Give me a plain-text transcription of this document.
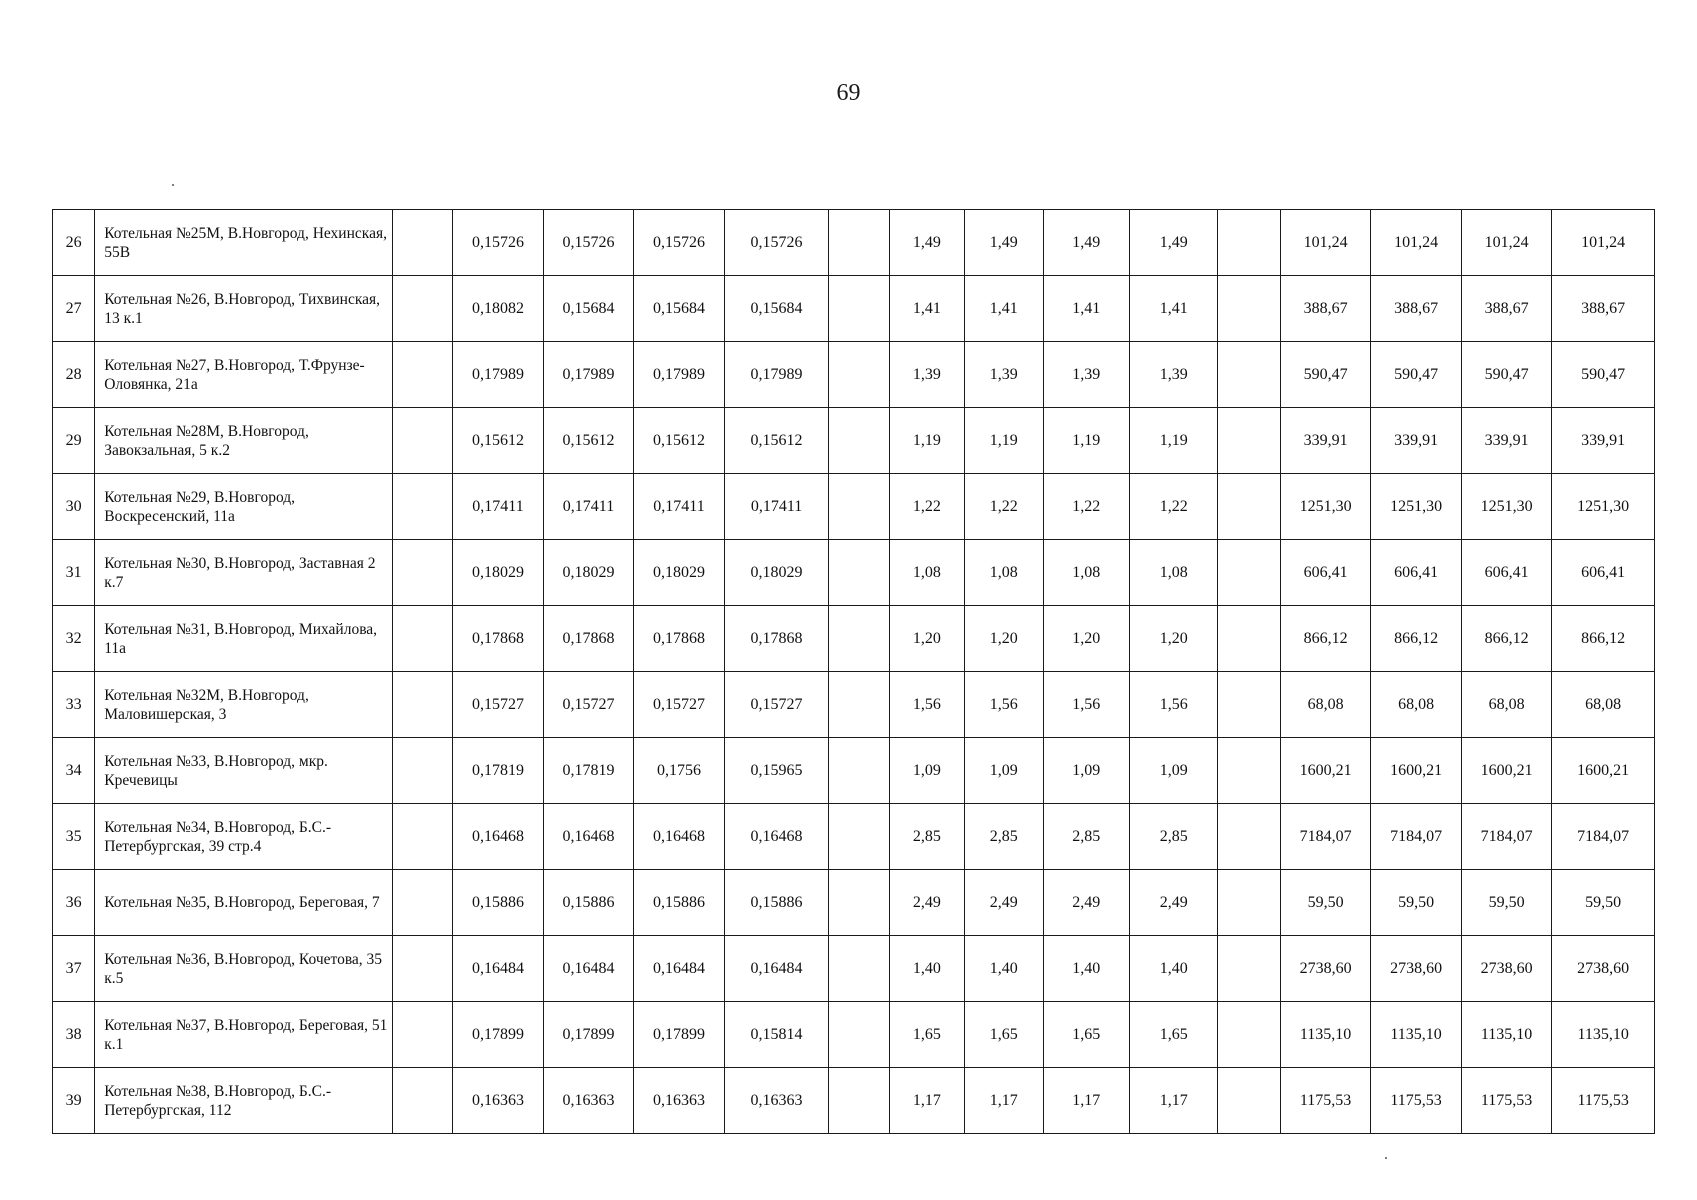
69
26	Котельная №25М, В.Новгород, Нехинская, 55В		0,15726	0,15726	0,15726	0,15726		1,49	1,49	1,49	1,49		101,24	101,24	101,24	101,24
27	Котельная №26, В.Новгород, Тихвинская, 13 к.1		0,18082	0,15684	0,15684	0,15684		1,41	1,41	1,41	1,41		388,67	388,67	388,67	388,67
28	Котельная №27, В.Новгород, Т.Фрунзе-Оловянка, 21а		0,17989	0,17989	0,17989	0,17989		1,39	1,39	1,39	1,39		590,47	590,47	590,47	590,47
29	Котельная №28М, В.Новгород, Завокзальная, 5 к.2		0,15612	0,15612	0,15612	0,15612		1,19	1,19	1,19	1,19		339,91	339,91	339,91	339,91
30	Котельная №29, В.Новгород, Воскресенский, 11а		0,17411	0,17411	0,17411	0,17411		1,22	1,22	1,22	1,22		1251,30	1251,30	1251,30	1251,30
31	Котельная №30, В.Новгород, Заставная 2 к.7		0,18029	0,18029	0,18029	0,18029		1,08	1,08	1,08	1,08		606,41	606,41	606,41	606,41
32	Котельная №31, В.Новгород, Михайлова, 11а		0,17868	0,17868	0,17868	0,17868		1,20	1,20	1,20	1,20		866,12	866,12	866,12	866,12
33	Котельная №32М, В.Новгород, Маловишерская, 3		0,15727	0,15727	0,15727	0,15727		1,56	1,56	1,56	1,56		68,08	68,08	68,08	68,08
34	Котельная №33, В.Новгород, мкр. Кречевицы		0,17819	0,17819	0,1756	0,15965		1,09	1,09	1,09	1,09		1600,21	1600,21	1600,21	1600,21
35	Котельная №34, В.Новгород, Б.С.-Петербургская, 39 стр.4		0,16468	0,16468	0,16468	0,16468		2,85	2,85	2,85	2,85		7184,07	7184,07	7184,07	7184,07
36	Котельная №35, В.Новгород, Береговая, 7		0,15886	0,15886	0,15886	0,15886		2,49	2,49	2,49	2,49		59,50	59,50	59,50	59,50
37	Котельная №36, В.Новгород, Кочетова, 35 к.5		0,16484	0,16484	0,16484	0,16484		1,40	1,40	1,40	1,40		2738,60	2738,60	2738,60	2738,60
38	Котельная №37, В.Новгород, Береговая, 51 к.1		0,17899	0,17899	0,17899	0,15814		1,65	1,65	1,65	1,65		1135,10	1135,10	1135,10	1135,10
39	Котельная №38, В.Новгород, Б.С.-Петербургская, 112		0,16363	0,16363	0,16363	0,16363		1,17	1,17	1,17	1,17		1175,53	1175,53	1175,53	1175,53
